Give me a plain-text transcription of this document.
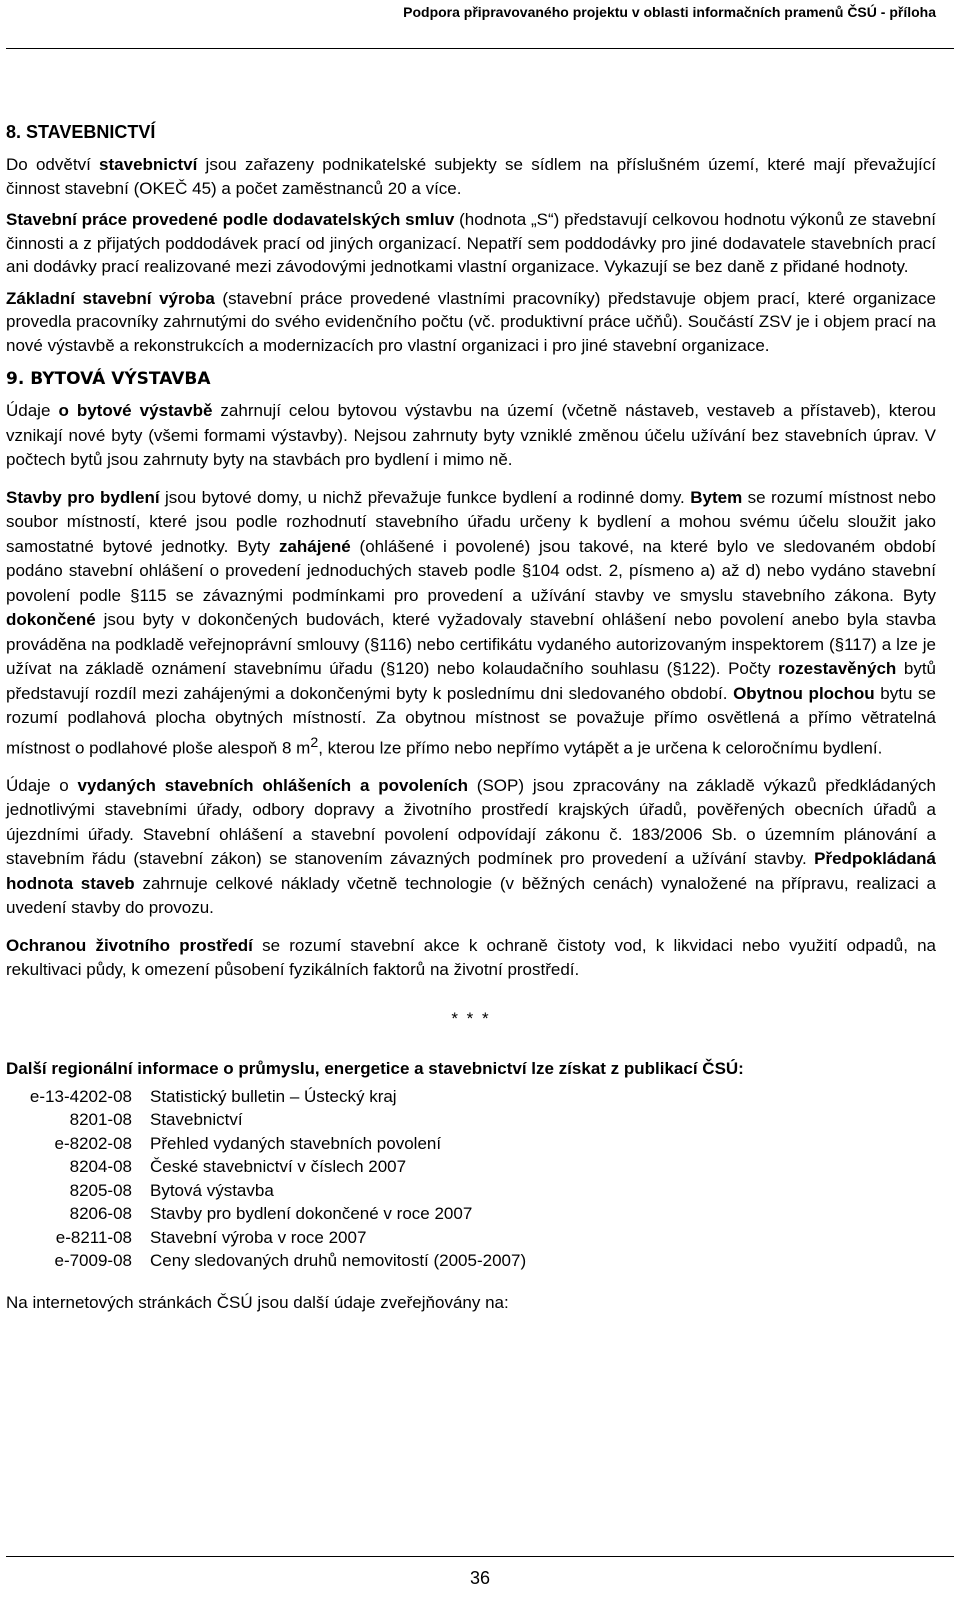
Podpora připravovaného projektu v oblasti informačních pramenů ČSÚ - příloha
8. STAVEBNICTVÍ

Do odvětví stavebnictví jsou zařazeny podnikatelské subjekty se sídlem na příslušném území, které mají převažující činnost stavební (OKEČ 45) a počet zaměstnanců 20 a více.

Stavební práce provedené podle dodavatelských smluv (hodnota „S“) představují celkovou hodnotu výkonů ze stavební činnosti a z přijatých poddodávek prací od jiných organizací. Nepatří sem poddodávky pro jiné dodavatele stavebních prací ani dodávky prací realizované mezi závodovými jednotkami vlastní organizace. Vykazují se bez daně z přidané hodnoty.

Základní stavební výroba (stavební práce provedené vlastními pracovníky) představuje objem prací, které organizace provedla pracovníky zahrnutými do svého evidenčního počtu (vč. produktivní práce učňů). Součástí ZSV je i objem prací na nové výstavbě a rekonstrukcích a modernizacích pro vlastní organizaci i pro jiné stavební organizace.

9. BYTOVÁ VÝSTAVBA

Údaje o bytové výstavbě zahrnují celou bytovou výstavbu na území (včetně nástaveb, vestaveb a přístaveb), kterou vznikají nové byty (všemi formami výstavby). Nejsou zahrnuty byty vzniklé změnou účelu užívání bez stavebních úprav. V počtech bytů jsou zahrnuty byty na stavbách pro bydlení i mimo ně.

Stavby pro bydlení jsou bytové domy, u nichž převažuje funkce bydlení a rodinné domy. Bytem se rozumí místnost nebo soubor místností, které jsou podle rozhodnutí stavebního úřadu určeny k bydlení a mohou svému účelu sloužit jako samostatné bytové jednotky. Byty zahájené (ohlášené i povolené) jsou takové, na které bylo ve sledovaném období podáno stavební ohlášení o provedení jednoduchých staveb podle §104 odst. 2, písmeno a) až d) nebo vydáno stavební povolení podle §115 se závaznými podmínkami pro provedení a užívání stavby ve smyslu stavebního zákona. Byty dokončené jsou byty v dokončených budovách, které vyžadovaly stavební ohlášení nebo povolení anebo byla stavba prováděna na podkladě veřejnoprávní smlouvy (§116) nebo certifikátu vydaného autorizovaným inspektorem (§117) a lze je užívat na základě oznámení stavebnímu úřadu (§120) nebo kolaudačního souhlasu (§122). Počty rozestavěných bytů představují rozdíl mezi zahájenými a dokončenými byty k poslednímu dni sledovaného období. Obytnou plochou bytu se rozumí podlahová plocha obytných místností. Za obytnou místnost se považuje přímo osvětlená a přímo větratelná místnost o podlahové ploše alespoň 8 $m^2$, kterou lze přímo nebo nepřímo vytápět a je určena k celoročnímu bydlení.

Údaje o vydaných stavebních ohlášeních a povoleních (SOP) jsou zpracovány na základě výkazů předkládaných jednotlivými stavebními úřady, odbory dopravy a životního prostředí krajských úřadů, pověřených obecních úřadů a újezdními úřady. Stavební ohlášení a stavební povolení odpovídají zákonu č. 183/2006 Sb. o územním plánování a stavebním řádu (stavební zákon) se stanovením závazných podmínek pro provedení a užívání stavby. Předpokládaná hodnota staveb zahrnuje celkové náklady včetně technologie (v běžných cenách) vynaložené na přípravu, realizaci a uvedení stavby do provozu.

Ochranou životního prostředí se rozumí stavební akce k ochraně čistoty vod, k likvidaci nebo využití odpadů, na rekultivaci půdy, k omezení působení fyzikálních faktorů na životní prostředí.

* * *
Další regionální informace o průmyslu, energetice a stavebnictví lze získat z publikací ČSÚ:
e-13-4202-08	Statistický bulletin – Ústecký kraj
8201-08	Stavebnictví
e-8202-08	Přehled vydaných stavebních povolení
8204-08	České stavebnictví v číslech 2007
8205-08	Bytová výstavba
8206-08	Stavby pro bydlení dokončené v roce 2007
e-8211-08	Stavební výroba v roce 2007
e-7009-08	Ceny sledovaných druhů nemovitostí (2005-2007)
Na internetových stránkách ČSÚ jsou další údaje zveřejňovány na:
36
